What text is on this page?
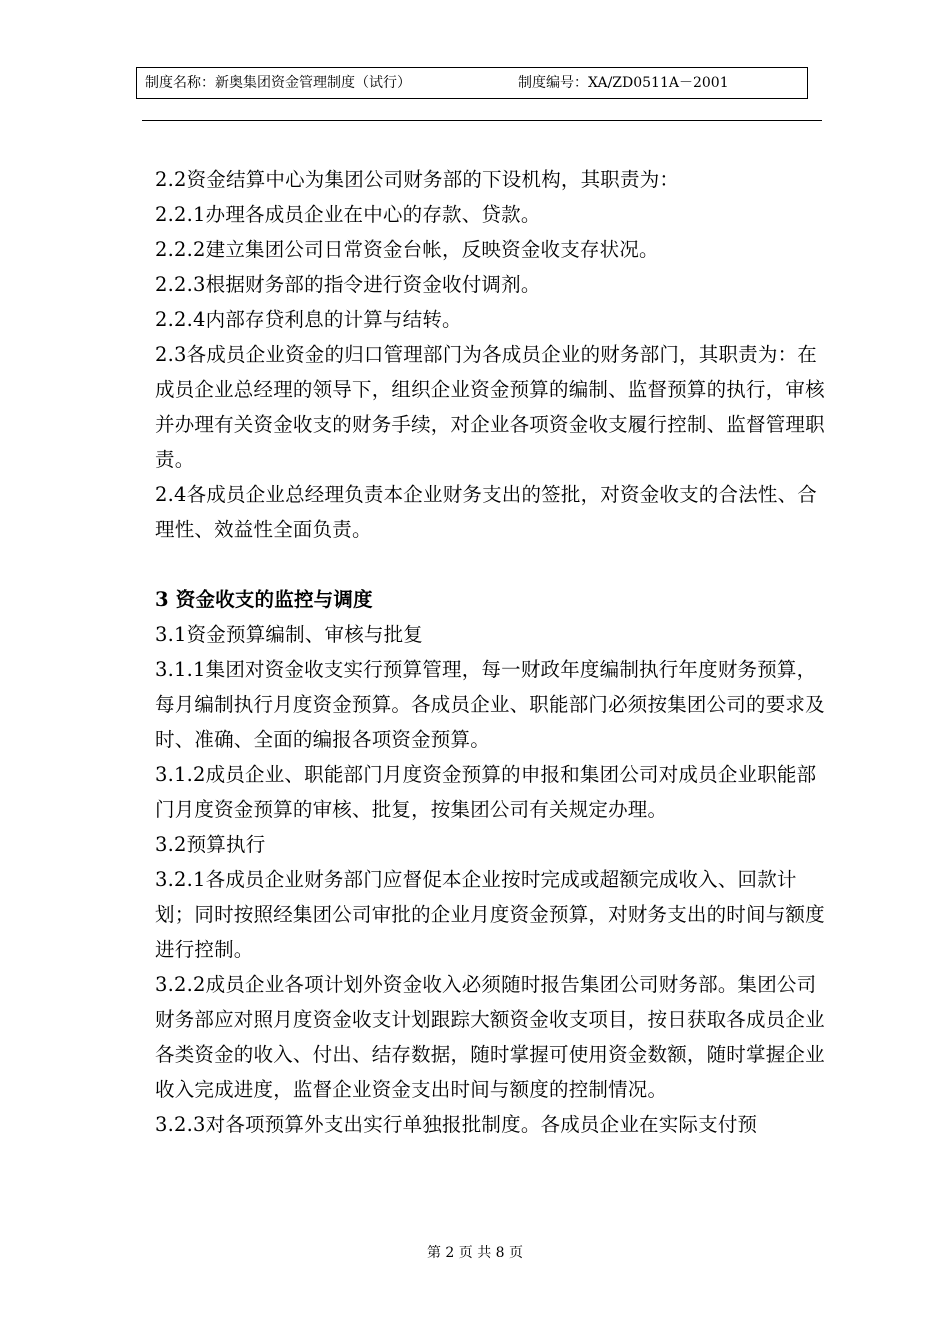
制度名称：新奥集团资金管理制度（试行）	制度编号：XA/ZD0511A－2001

2.2资金结算中心为集团公司财务部的下设机构，其职责为：

2.2.1办理各成员企业在中心的存款、贷款。

2.2.2建立集团公司日常资金台帐，反映资金收支存状况。

2.2.3根据财务部的指令进行资金收付调剂。

2.2.4内部存贷利息的计算与结转。

2.3各成员企业资金的归口管理部门为各成员企业的财务部门，其职责为：在成员企业总经理的领导下，组织企业资金预算的编制、监督预算的执行，审核并办理有关资金收支的财务手续，对企业各项资金收支履行控制、监督管理职责。

2.4各成员企业总经理负责本企业财务支出的签批，对资金收支的合法性、合理性、效益性全面负责。

3 资金收支的监控与调度

3.1资金预算编制、审核与批复

3.1.1集团对资金收支实行预算管理，每一财政年度编制执行年度财务预算，每月编制执行月度资金预算。各成员企业、职能部门必须按集团公司的要求及时、准确、全面的编报各项资金预算。

3.1.2成员企业、职能部门月度资金预算的申报和集团公司对成员企业职能部门月度资金预算的审核、批复，按集团公司有关规定办理。

3.2预算执行

3.2.1各成员企业财务部门应督促本企业按时完成或超额完成收入、回款计划；同时按照经集团公司审批的企业月度资金预算，对财务支出的时间与额度进行控制。

3.2.2成员企业各项计划外资金收入必须随时报告集团公司财务部。集团公司财务部应对照月度资金收支计划跟踪大额资金收支项目，按日获取各成员企业各类资金的收入、付出、结存数据，随时掌握可使用资金数额，随时掌握企业收入完成进度，监督企业资金支出时间与额度的控制情况。

3.2.3对各项预算外支出实行单独报批制度。各成员企业在实际支付预

第 2 页 共 8 页
